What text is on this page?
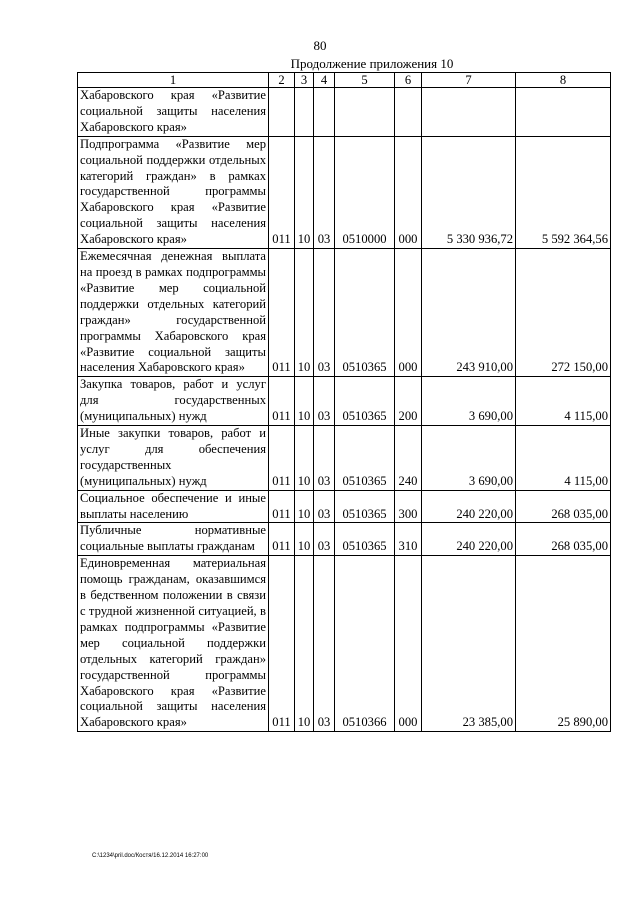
80
Продолжение приложения 10
1	2	3	4	5	6	7	8
Хабаровского края «Развитие социальной защиты населения Хабаровского края»							
Подпрограмма «Развитие мер социальной поддержки отдельных категорий граждан» в рамках государственной программы Хабаровского края «Развитие социальной защиты населения Хабаровского края»	011	10	03	0510000	000	5 330 936,72	5 592 364,56
Ежемесячная денежная выплата на проезд в рамках подпрограммы «Развитие мер социальной поддержки отдельных категорий граждан» государственной программы Хабаровского края «Развитие социальной защиты населения Хабаровского края»	011	10	03	0510365	000	243 910,00	272 150,00
Закупка товаров, работ и услуг для государственных (муниципальных) нужд	011	10	03	0510365	200	3 690,00	4 115,00
Иные закупки товаров, работ и услуг для обеспечения государственных (муниципальных) нужд	011	10	03	0510365	240	3 690,00	4 115,00
Социальное обеспечение и иные выплаты населению	011	10	03	0510365	300	240 220,00	268 035,00
Публичные нормативные социальные выплаты гражданам	011	10	03	0510365	310	240 220,00	268 035,00
Единовременная материальная помощь гражданам, оказавшимся в бедственном положении в связи с трудной жизненной ситуацией, в рамках подпрограммы «Развитие мер социальной поддержки отдельных категорий граждан» государственной программы Хабаровского края «Развитие социальной защиты населения Хабаровского края»	011	10	03	0510366	000	23 385,00	25 890,00
C:\1234\pril.doc/Костя/16.12.2014 16:27:00
